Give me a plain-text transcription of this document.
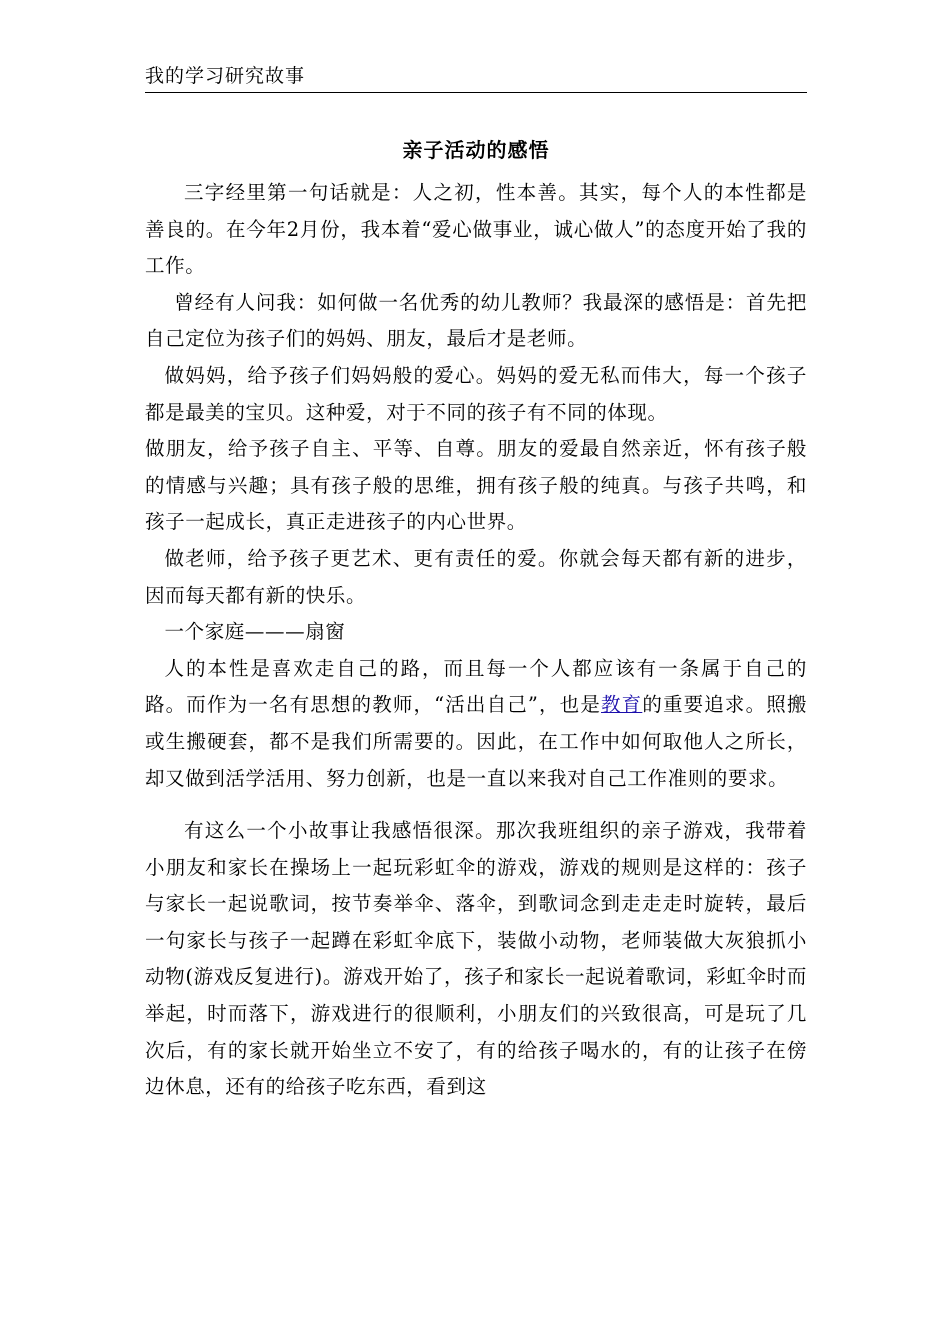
我的学习研究故事
亲子活动的感悟

三字经里第一句话就是：人之初，性本善。其实，每个人的本性都是善良的。在今年2月份，我本着“爱心做事业，诚心做人”的态度开始了我的工作。

曾经有人问我：如何做一名优秀的幼儿教师？我最深的感悟是：首先把自己定位为孩子们的妈妈、朋友，最后才是老师。

做妈妈，给予孩子们妈妈般的爱心。妈妈的爱无私而伟大，每一个孩子都是最美的宝贝。这种爱，对于不同的孩子有不同的体现。

做朋友，给予孩子自主、平等、自尊。朋友的爱最自然亲近，怀有孩子般的情感与兴趣；具有孩子般的思维，拥有孩子般的纯真。与孩子共鸣，和孩子一起成长，真正走进孩子的内心世界。

做老师，给予孩子更艺术、更有责任的爱。你就会每天都有新的进步，因而每天都有新的快乐。

一个家庭———扇窗

人的本性是喜欢走自己的路，而且每一个人都应该有一条属于自己的路。而作为一名有思想的教师，“活出自己”，也是教育的重要追求。照搬或生搬硬套，都不是我们所需要的。因此，在工作中如何取他人之所长，却又做到活学活用、努力创新，也是一直以来我对自己工作准则的要求。

有这么一个小故事让我感悟很深。那次我班组织的亲子游戏，我带着小朋友和家长在操场上一起玩彩虹伞的游戏，游戏的规则是这样的：孩子与家长一起说歌词，按节奏举伞、落伞，到歌词念到走走走时旋转，最后一句家长与孩子一起蹲在彩虹伞底下，装做小动物，老师装做大灰狼抓小动物(游戏反复进行)。游戏开始了，孩子和家长一起说着歌词，彩虹伞时而举起，时而落下，游戏进行的很顺利，小朋友们的兴致很高，可是玩了几次后，有的家长就开始坐立不安了，有的给孩子喝水的，有的让孩子在傍边休息，还有的给孩子吃东西，看到这
